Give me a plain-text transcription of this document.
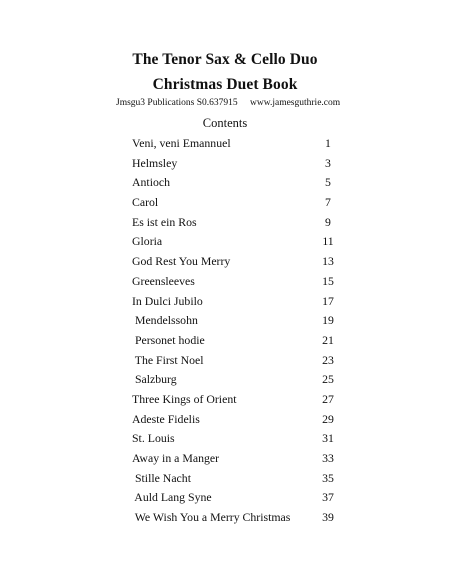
The Tenor Sax & Cello Duo
Christmas Duet Book
Jmsgu3 Publications S0.637915 www.jamesguthrie.com
Contents
Veni, veni Emannuel	1
Helmsley	3
Antioch	5
Carol	7
Es ist ein Ros	9
Gloria	11
God Rest You Merry	13
Greensleeves	15
In Dulci Jubilo	17
Mendelssohn	19
Personet hodie	21
The First Noel	23
Salzburg	25
Three Kings of Orient	27
Adeste Fidelis	29
St. Louis	31
Away in a Manger	33
Stille Nacht	35
Auld Lang Syne	37
We Wish You a Merry Christmas	39
